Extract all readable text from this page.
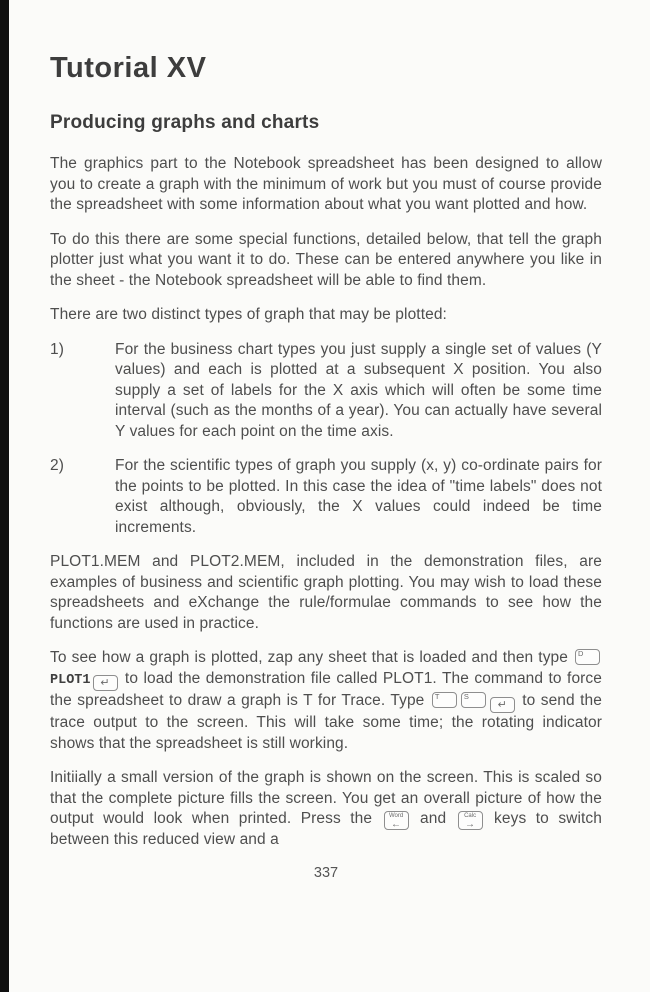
Tutorial XV
Producing graphs and charts
The graphics part to the Notebook spreadsheet has been designed to allow you to create a graph with the minimum of work but you must of course provide the spreadsheet with some information about what you want plotted and how.
To do this there are some special functions, detailed below, that tell the graph plotter just what you want it to do. These can be entered anywhere you like in the sheet - the Notebook spreadsheet will be able to find them.
There are two distinct types of graph that may be plotted:
1)	For the business chart types you just supply a single set of values (Y values) and each is plotted at a subsequent X position. You also supply a set of labels for the X axis which will often be some time interval (such as the months of a year). You can actually have several Y values for each point on the time axis.
2)	For the scientific types of graph you supply (x, y) co-ordinate pairs for the points to be plotted. In this case the idea of "time labels" does not exist although, obviously, the X values could indeed be time increments.
PLOT1.MEM and PLOT2.MEM, included in the demonstration files, are examples of business and scientific graph plotting. You may wish to load these spreadsheets and eXchange the rule/formulae commands to see how the functions are used in practice.
To see how a graph is plotted, zap any sheet that is loaded and then type D
PLOT1 ↵ to load the demonstration file called PLOT1. The command to force the spreadsheet to draw a graph is T for Trace. Type T	S
↵ to send the trace output to the screen. This will take some time; the rotating indicator shows that the spreadsheet is still working.
Initiially a small version of the graph is shown on the screen. This is scaled so that the complete picture fills the screen. You get an overall picture of how the output would look when printed. Press the	Word
← and	Calc
→ keys to switch between this reduced view and a
337
